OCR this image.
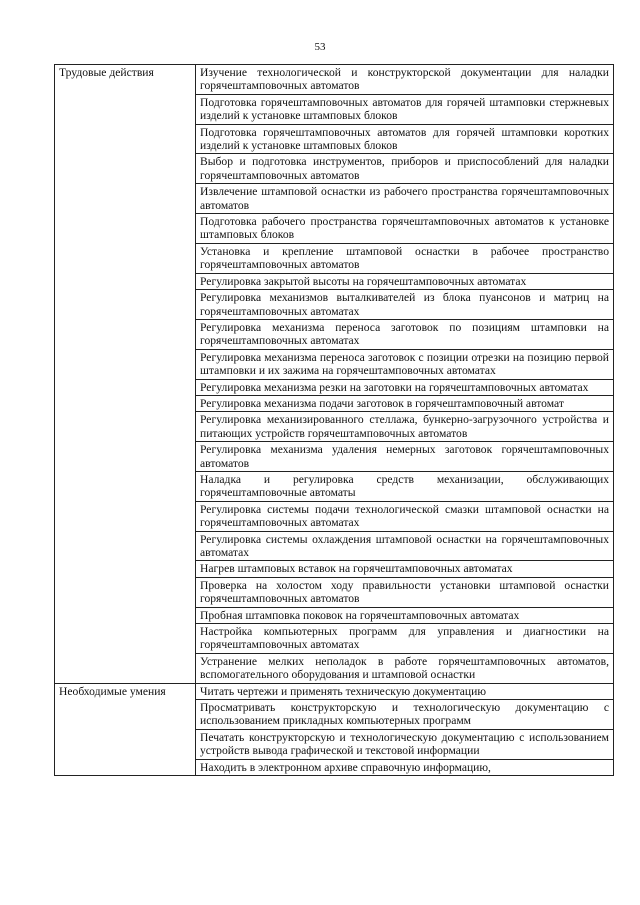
53
Трудовые действия	Изучение технологической и конструкторской документации для наладки горячештамповочных автоматов
	Подготовка горячештамповочных автоматов для горячей штамповки стержневых изделий к установке штамповых блоков
	Подготовка горячештамповочных автоматов для горячей штамповки коротких изделий к установке штамповых блоков
	Выбор и подготовка инструментов, приборов и приспособлений для наладки горячештамповочных автоматов
	Извлечение штамповой оснастки из рабочего пространства горячештамповочных автоматов
	Подготовка рабочего пространства горячештамповочных автоматов к установке штамповых блоков
	Установка и крепление штамповой оснастки в рабочее пространство горячештамповочных автоматов
	Регулировка закрытой высоты на горячештамповочных автоматах
	Регулировка механизмов выталкивателей из блока пуансонов и матриц на горячештамповочных автоматах
	Регулировка механизма переноса заготовок по позициям штамповки на горячештамповочных автоматах
	Регулировка механизма переноса заготовок с позиции отрезки на позицию первой штамповки и их зажима на горячештамповочных автоматах
	Регулировка механизма резки на заготовки на горячештамповочных автоматах
	Регулировка механизма подачи заготовок в горячештамповочный автомат
	Регулировка механизированного стеллажа, бункерно-загрузочного устройства и питающих устройств горячештамповочных автоматов
	Регулировка механизма удаления немерных заготовок горячештамповочных автоматов
	Наладка и регулировка средств механизации, обслуживающих горячештамповочные автоматы
	Регулировка системы подачи технологической смазки штамповой оснастки на горячештамповочных автоматах
	Регулировка системы охлаждения штамповой оснастки на горячештамповочных автоматах
	Нагрев штамповых вставок на горячештамповочных автоматах
	Проверка на холостом ходу правильности установки штамповой оснастки горячештамповочных автоматов
	Пробная штамповка поковок на горячештамповочных автоматах
	Настройка компьютерных программ для управления и диагностики на горячештамповочных автоматах
	Устранение мелких неполадок в работе горячештамповочных автоматов, вспомогательного оборудования и штамповой оснастки
Необходимые умения	Читать чертежи и применять техническую документацию
	Просматривать конструкторскую и технологическую документацию с использованием прикладных компьютерных программ
	Печатать конструкторскую и технологическую документацию с использованием устройств вывода графической и текстовой информации
	Находить в электронном архиве справочную информацию,
